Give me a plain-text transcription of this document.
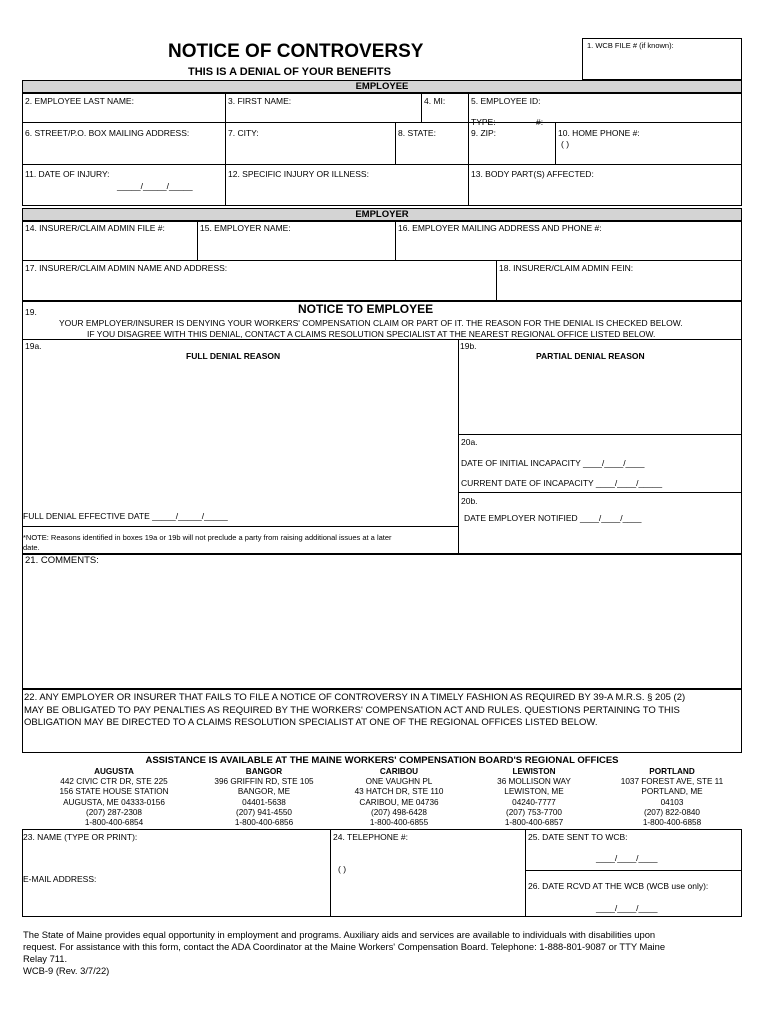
NOTICE OF CONTROVERSY
THIS IS A DENIAL OF YOUR BENEFITS
1. WCB FILE # (if known):
EMPLOYEE
2. EMPLOYEE LAST NAME:	3. FIRST NAME:	4. MI:	5. EMPLOYEE ID:
TYPE:	#:
6. STREET/P.O. BOX MAILING ADDRESS:	7. CITY:	8. STATE:	9. ZIP:	10. HOME PHONE #:
( )
11. DATE OF INJURY:
_____/_____/_____
12. SPECIFIC INJURY OR ILLNESS:	13. BODY PART(S) AFFECTED:
EMPLOYER
14. INSURER/CLAIM ADMIN FILE #:	15. EMPLOYER NAME:	16. EMPLOYER MAILING ADDRESS AND PHONE #:
17. INSURER/CLAIM ADMIN NAME AND ADDRESS:	18. INSURER/CLAIM ADMIN FEIN:
19.	NOTICE TO EMPLOYEE
YOUR EMPLOYER/INSURER IS DENYING YOUR WORKERS' COMPENSATION CLAIM OR PART OF IT. THE REASON FOR THE DENIAL IS CHECKED BELOW.
IF YOU DISAGREE WITH THIS DENIAL, CONTACT A CLAIMS RESOLUTION SPECIALIST AT THE NEAREST REGIONAL OFFICE LISTED BELOW.
19a.
FULL DENIAL REASON
19b.
PARTIAL DENIAL REASON
20a.
DATE OF INITIAL INCAPACITY ____/____/____
CURRENT DATE OF INCAPACITY ____/____/_____
20b.
DATE EMPLOYER NOTIFIED ____/____/____
FULL DENIAL EFFECTIVE DATE _____/_____/_____
*NOTE: Reasons identified in boxes 19a or 19b will not preclude a party from raising additional issues at a later
date.
21. COMMENTS:
22. ANY EMPLOYER OR INSURER THAT FAILS TO FILE A NOTICE OF CONTROVERSY IN A TIMELY FASHION AS REQUIRED BY 39-A M.R.S. § 205 (2)
MAY BE OBLIGATED TO PAY PENALTIES AS REQUIRED BY THE WORKERS' COMPENSATION ACT AND RULES. QUESTIONS PERTAINING TO THIS
OBLIGATION MAY BE DIRECTED TO A CLAIMS RESOLUTION SPECIALIST AT ONE OF THE REGIONAL OFFICES LISTED BELOW.
ASSISTANCE IS AVAILABLE AT THE MAINE WORKERS' COMPENSATION BOARD'S REGIONAL OFFICES
AUGUSTA
442 CIVIC CTR DR, STE 225
156 STATE HOUSE STATION
AUGUSTA, ME 04333-0156
(207) 287-2308
1-800-400-6854
BANGOR
396 GRIFFIN RD, STE 105
BANGOR, ME
04401-5638
(207) 941-4550
1-800-400-6856
CARIBOU
ONE VAUGHN PL
43 HATCH DR, STE 110
CARIBOU, ME 04736
(207) 498-6428
1-800-400-6855
LEWISTON
36 MOLLISON WAY
LEWISTON, ME
04240-7777
(207) 753-7700
1-800-400-6857
PORTLAND
1037 FOREST AVE, STE 11
PORTLAND, ME
04103
(207) 822-0840
1-800-400-6858
23. NAME (TYPE OR PRINT):
E-MAIL ADDRESS:
24. TELEPHONE #:
( )
25. DATE SENT TO WCB:
____/____/____
26. DATE RCVD AT THE WCB (WCB use only):
____/____/____
The State of Maine provides equal opportunity in employment and programs. Auxiliary aids and services are available to individuals with disabilities upon
request. For assistance with this form, contact the ADA Coordinator at the Maine Workers' Compensation Board. Telephone: 1-888-801-9087 or TTY Maine
Relay 711.
WCB-9 (Rev. 3/7/22)
